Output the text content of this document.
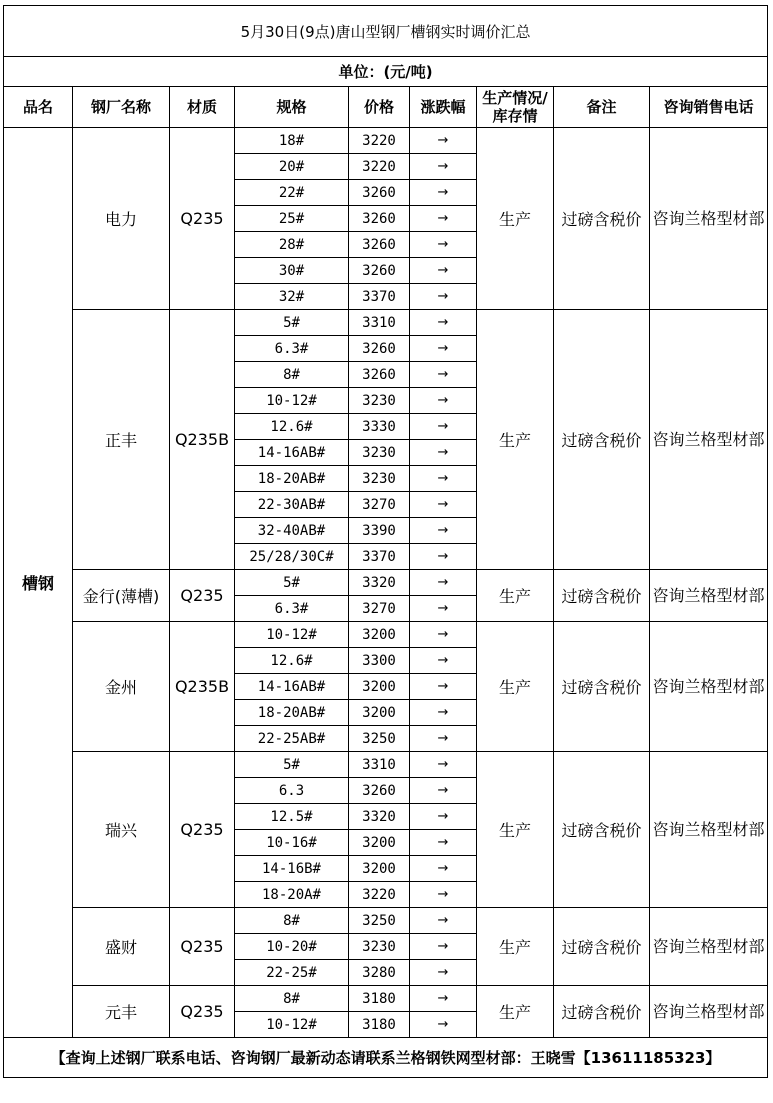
5月30日(9点)唐山型钢厂槽钢实时调价汇总								
单位：(元/吨)								
品名	钢厂名称	材质	规格	价格	涨跌幅	生产情况/库存情	备注	咨询销售电话
槽钢	电力	Q235	18#	3220	→	生产	过磅含税价	咨询兰格型材部
			20#	3220	→			
			22#	3260	→			
			25#	3260	→			
			28#	3260	→			
			30#	3260	→			
			32#	3370	→			
	正丰	Q235B	5#	3310	→	生产	过磅含税价	咨询兰格型材部
			6.3#	3260	→			
			8#	3260	→			
			10-12#	3230	→			
			12.6#	3330	→			
			14-16AB#	3230	→			
			18-20AB#	3230	→			
			22-30AB#	3270	→			
			32-40AB#	3390	→			
			25/28/30C#	3370	→			
	金行(薄槽)	Q235	5#	3320	→	生产	过磅含税价	咨询兰格型材部
			6.3#	3270	→			
	金州	Q235B	10-12#	3200	→	生产	过磅含税价	咨询兰格型材部
			12.6#	3300	→			
			14-16AB#	3200	→			
			18-20AB#	3200	→			
			22-25AB#	3250	→			
	瑞兴	Q235	5#	3310	→	生产	过磅含税价	咨询兰格型材部
			6.3	3260	→			
			12.5#	3320	→			
			10-16#	3200	→			
			14-16B#	3200	→			
			18-20A#	3220	→			
	盛财	Q235	8#	3250	→	生产	过磅含税价	咨询兰格型材部
			10-20#	3230	→			
			22-25#	3280	→			
	元丰	Q235	8#	3180	→	生产	过磅含税价	咨询兰格型材部
			10-12#	3180	→			
【查询上述钢厂联系电话、咨询钢厂最新动态请联系兰格钢铁网型材部：王晓雪【13611185323】								
